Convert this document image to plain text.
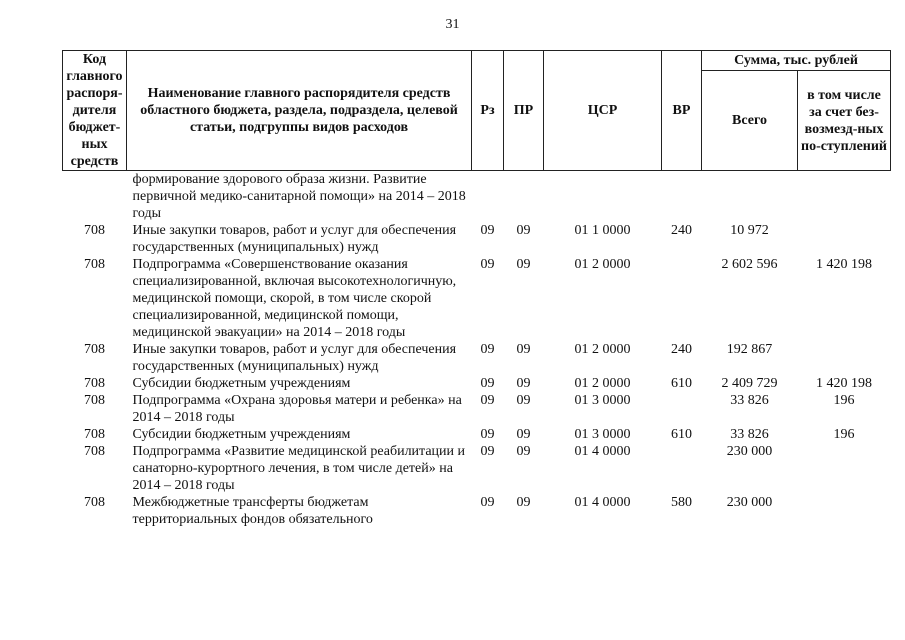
31
Код главного распоря-дителя бюджет-ных средств	Наименование главного распорядителя средств областного бюджета, раздела, подраздела, целевой статьи, подгруппы видов расходов	Рз	ПР	ЦСР	ВР	Сумма, тыс. рублей	
						Всего	в том числе за счет без-возмезд-ных по-ступлений
	формирование здорового образа жизни. Развитие первичной медико-санитарной помощи» на 2014 – 2018 годы						
708	Иные закупки товаров, работ и услуг для обеспечения государственных (муниципальных) нужд	09	09	01 1 0000	240	10 972	
708	Подпрограмма «Совершенствование оказания специализированной, включая высокотехнологичную, медицинской помощи, скорой, в том числе скорой специализированной, медицинской помощи, медицинской эвакуации» на 2014 – 2018 годы	09	09	01 2 0000		2 602 596	1 420 198
708	Иные закупки товаров, работ и услуг для обеспечения государственных (муниципальных) нужд	09	09	01 2 0000	240	192 867	
708	Субсидии бюджетным учреждениям	09	09	01 2 0000	610	2 409 729	1 420 198
708	Подпрограмма «Охрана здоровья матери и ребенка» на 2014 – 2018 годы	09	09	01 3 0000		33 826	196
708	Субсидии бюджетным учреждениям	09	09	01 3 0000	610	33 826	196
708	Подпрограмма «Развитие медицинской реабилитации и санаторно-курортного лечения, в том числе детей» на 2014 – 2018 годы	09	09	01 4 0000		230 000	
708	Межбюджетные трансферты бюджетам территориальных фондов обязательного	09	09	01 4 0000	580	230 000	
